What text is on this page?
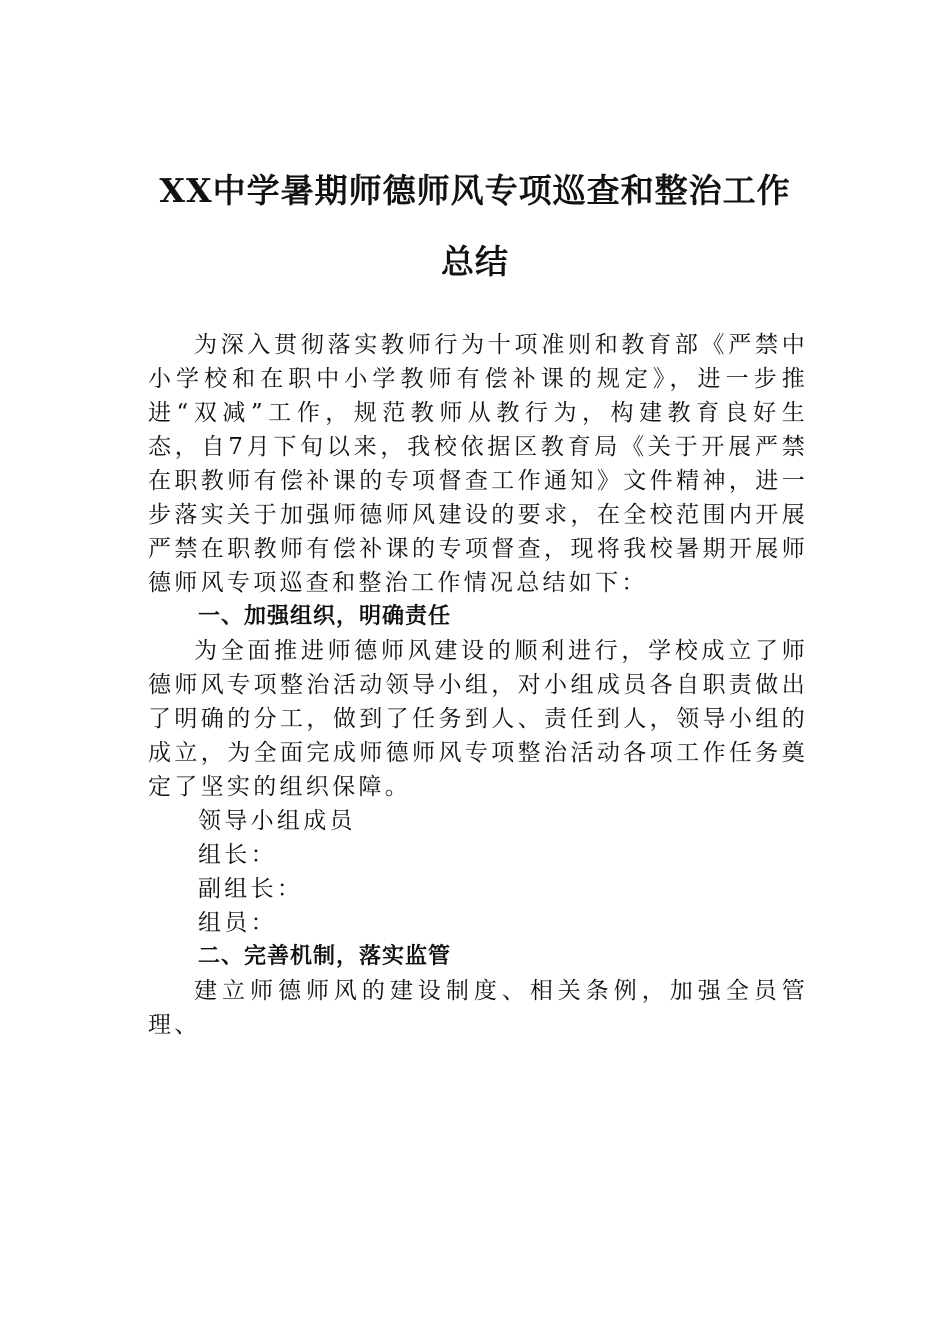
XX中学暑期师德师风专项巡查和整治工作
总结

为深入贯彻落实教师行为十项准则和教育部《严禁中小学校和在职中小学教师有偿补课的规定》，进一步推进“双减”工作，规范教师从教行为，构建教育良好生态，自7月下旬以来，我校依据区教育局《关于开展严禁在职教师有偿补课的专项督查工作通知》文件精神，进一步落实关于加强师德师风建设的要求，在全校范围内开展严禁在职教师有偿补课的专项督查，现将我校暑期开展师德师风专项巡查和整治工作情况总结如下：

一、加强组织，明确责任

为全面推进师德师风建设的顺利进行，学校成立了师德师风专项整治活动领导小组，对小组成员各自职责做出了明确的分工，做到了任务到人、责任到人，领导小组的成立，为全面完成师德师风专项整治活动各项工作任务奠定了坚实的组织保障。

领导小组成员

组长：

副组长：

组员：

二、完善机制，落实监管

建立师德师风的建设制度、相关条例，加强全员管理、
